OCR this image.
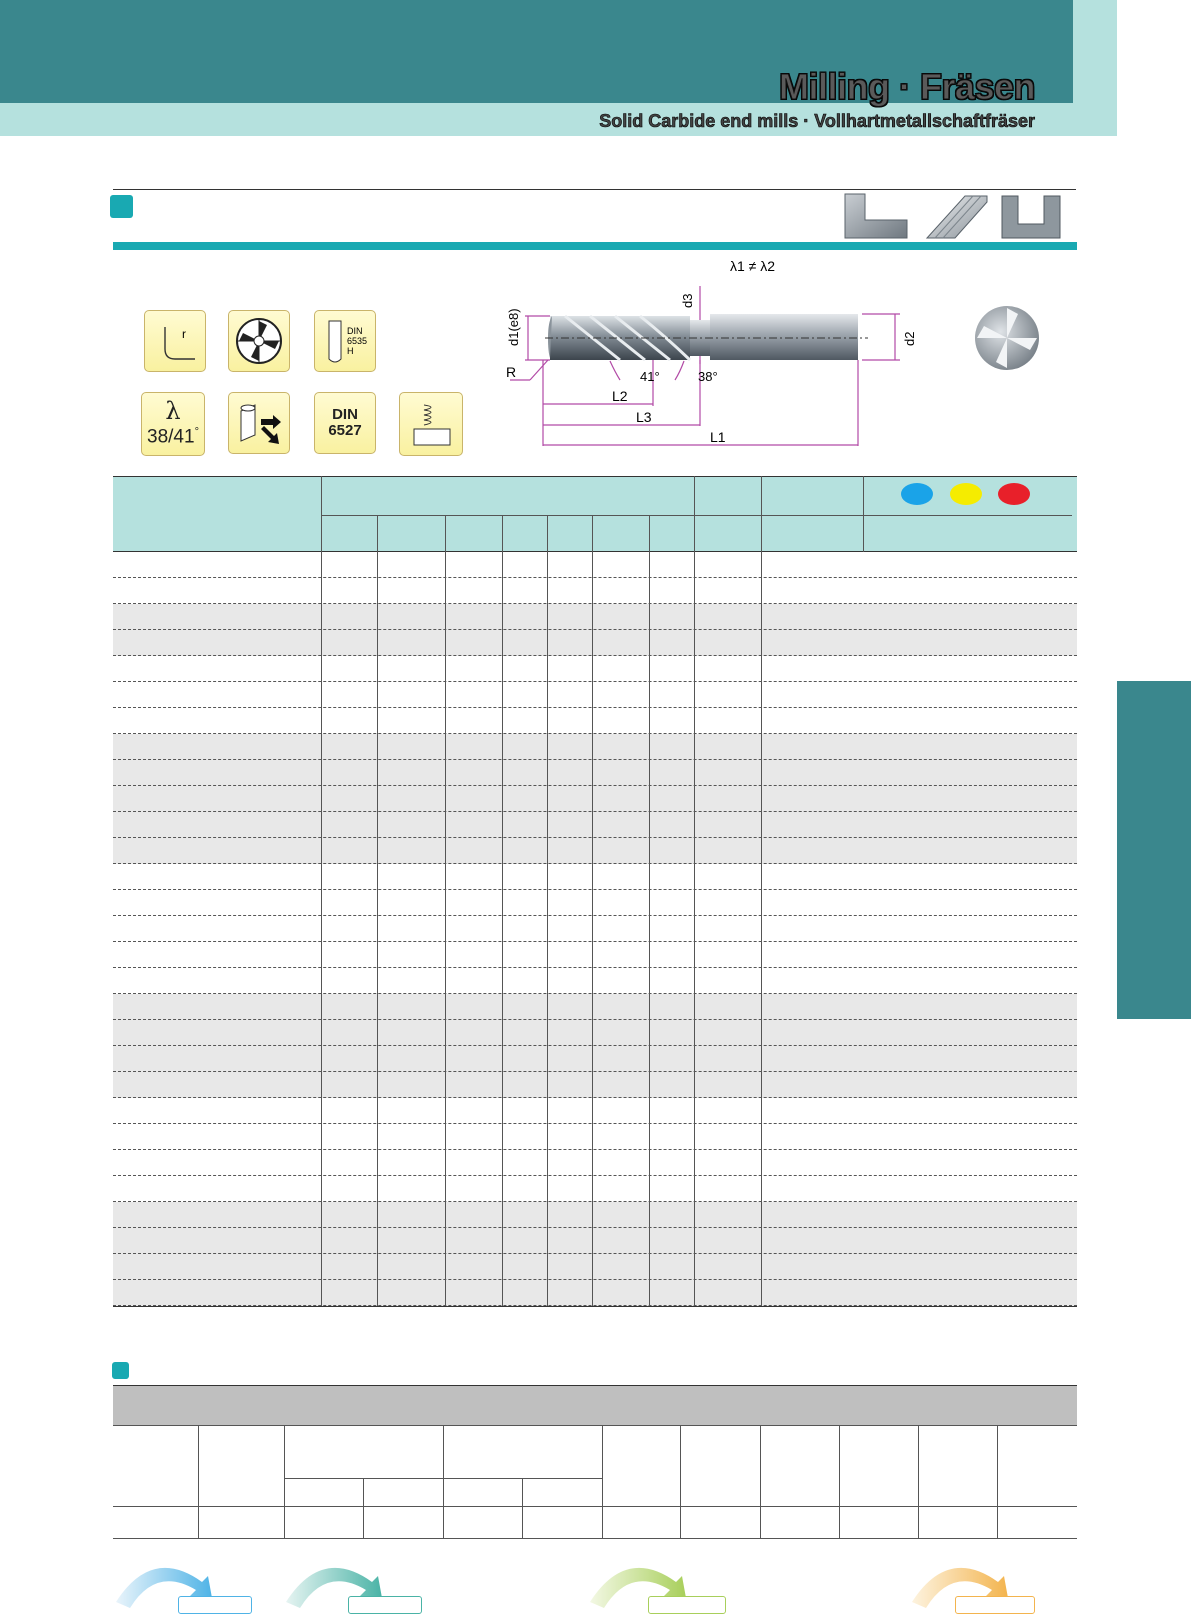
Milling · Fräsen
Solid Carbide end mills · Vollhartmetallschaftfräser
r	DIN
6535
H
λ
38/41°
DIN
6527
λ1 ≠ λ2
d1(e8)	d2
d3
R
L2
L3
L1
41°	38°
